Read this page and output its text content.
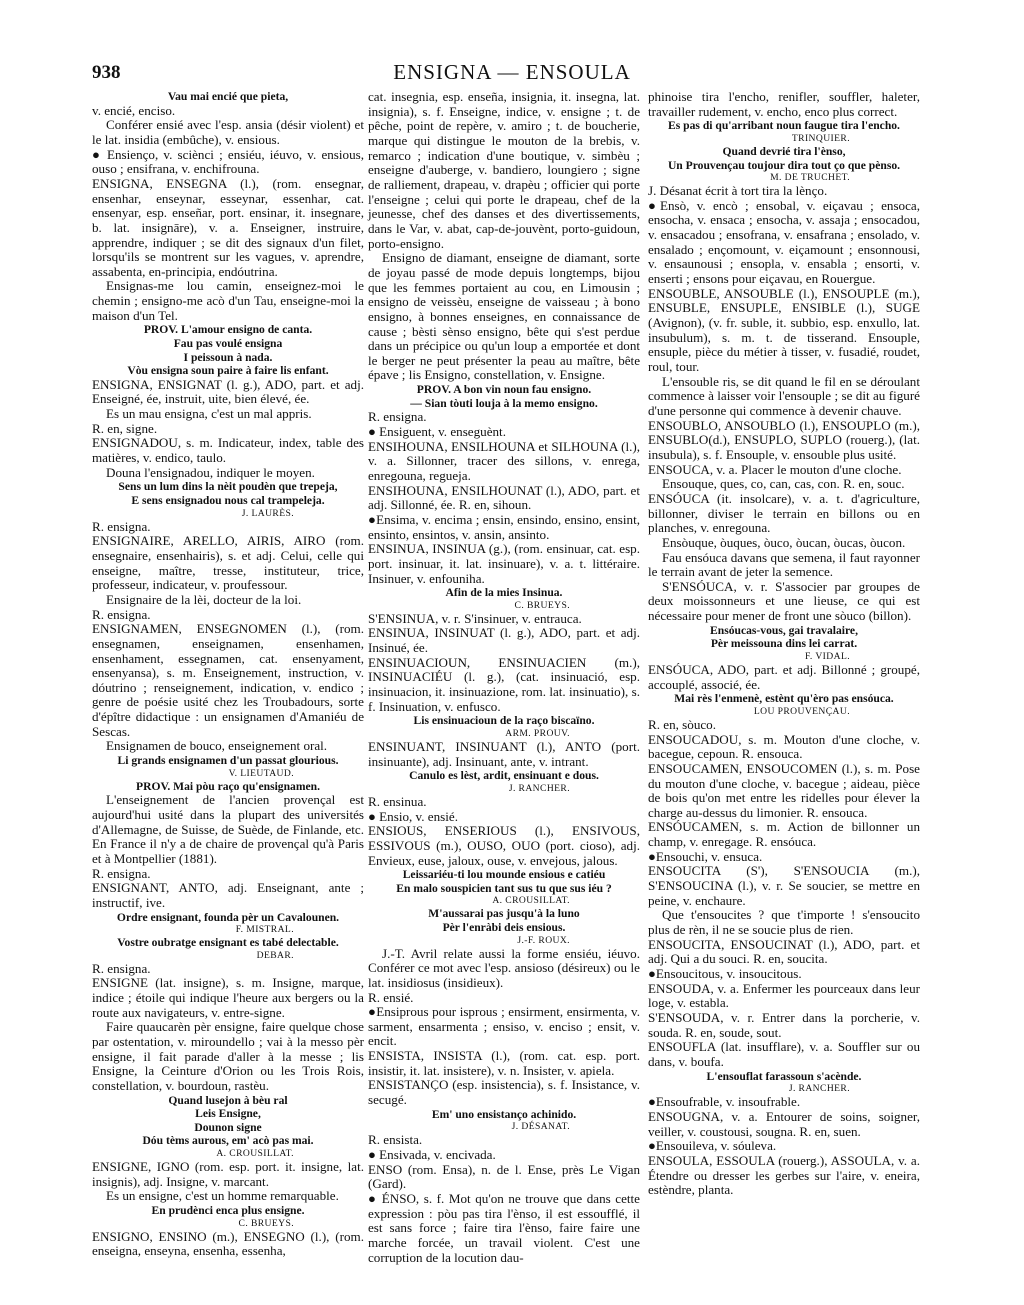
938	ENSIGNA — ENSOULA

Vau mai encié que pieta,

v. encié, enciso.

Conférer ensié avec l'esp. ansia (désir violent) et le lat. insidia (embûche), v. ensious.

● Ensienço, v. sciènci ; ensiéu, iéuvo, v. ensious, ouso ; ensifrana, v. enchifrouna.

ENSIGNA, ENSEGNA (l.), (rom. ensegnar, ensenhar, enseynar, esseynar, essenhar, cat. ensenyar, esp. enseñar, port. ensinar, it. insegnare, b. lat. insignāre), v. a. Enseigner, instruire, apprendre, indiquer ; se dit des signaux d'un filet, lorsqu'ils se montrent sur les vagues, v. aprendre, assabenta, en-principia, endóutrina.

Ensignas-me lou camin, enseignez-moi le chemin ; ensigno-me acò d'un Tau, enseigne-moi la maison d'un Tel.

PROV. L'amour ensigno de canta.

Fau pas voulé ensigna

I peissoun à nada.

Vòu ensigna soun paire à faire lis enfant.

ENSIGNA, ENSIGNAT (l. g.), ADO, part. et adj. Enseigné, ée, instruit, uite, bien élevé, ée.

Es un mau ensigna, c'est un mal appris.

R. en, signe.

ENSIGNADOU, s. m. Indicateur, index, table des matières, v. endico, taulo.

Douna l'ensignadou, indiquer le moyen.

Sens un lum dins la nèit poudèn que trepeja,

E sens ensignadou nous cal trampeleja.

J. LAURÈS.

R. ensigna.

ENSIGNAIRE, ARELLO, AIRIS, AIRO (rom. ensegnaire, ensenhairis), s. et adj. Celui, celle qui enseigne, maître, tresse, instituteur, trice, professeur, indicateur, v. proufessour.

Ensignaire de la lèi, docteur de la loi.

R. ensigna.

ENSIGNAMEN, ENSEGNOMEN (l.), (rom. ensegnamen, enseignamen, ensenhamen, ensenhament, essegnamen, cat. ensenyament, ensenyansa), s. m. Enseignement, instruction, v. dóutrino ; renseignement, indication, v. endico ; genre de poésie usité chez les Troubadours, sorte d'épître didactique : un ensignamen d'Amaniéu de Sescas.

Ensignamen de bouco, enseignement oral.

Li grands ensignamen d'un passat glourious.

V. LIEUTAUD.

PROV. Mai pòu raço qu'ensignamen.

L'enseignement de l'ancien provençal est aujourd'hui usité dans la plupart des universités d'Allemagne, de Suisse, de Suède, de Finlande, etc. En France il n'y a de chaire de provençal qu'à Paris et à Montpellier (1881).

R. ensigna.

ENSIGNANT, ANTO, adj. Enseignant, ante ; instructif, ive.

Ordre ensignant, founda pèr un Cavalounen.

F. MISTRAL.

Vostre oubratge ensignant es tabé delectable.

DEBAR.

R. ensigna.

ENSIGNE (lat. insigne), s. m. Insigne, marque, indice ; étoile qui indique l'heure aux bergers ou la route aux navigateurs, v. entre-signe.

Faire quaucarèn pèr ensigne, faire quelque chose par ostentation, v. miroundello ; vai à la messo pèr ensigne, il fait parade d'aller à la messe ; lis Ensigne, la Ceinture d'Orion ou les Trois Rois, constellation, v. bourdoun, rastèu.

Quand lusejon à bèu ral

Leis Ensigne,

Dounon signe

Dóu tèms aurous, em' acò pas mai.

A. CROUSILLAT.

ENSIGNE, IGNO (rom. esp. port. it. insigne, lat. insignis), adj. Insigne, v. marcant.

Es un ensigne, c'est un homme remarquable.

En prudènci enca plus ensigne.

C. BRUEYS.

ENSIGNO, ENSINO (m.), ENSEGNO (l.), (rom. enseigna, enseyna, ensenha, essenha,

cat. insegnia, esp. enseña, insignia, it. insegna, lat. insignia), s. f. Enseigne, indice, v. ensigne ; t. de pêche, point de repère, v. amiro ; t. de boucherie, marque qui distingue le mouton de la brebis, v. remarco ; indication d'une boutique, v. simbèu ; enseigne d'auberge, v. bandiero, loungiero ; signe de ralliement, drapeau, v. drapèu ; officier qui porte l'enseigne ; celui qui porte le drapeau, chef de la jeunesse, chef des danses et des divertissements, dans le Var, v. abat, cap-de-jouvènt, porto-guidoun, porto-ensigno.

Ensigno de diamant, enseigne de diamant, sorte de joyau passé de mode depuis longtemps, bijou que les femmes portaient au cou, en Limousin ; ensigno de veissèu, enseigne de vaisseau ; à bono ensigno, à bonnes enseignes, en connaissance de cause ; bèsti sènso ensigno, bête qui s'est perdue dans un précipice ou qu'un loup a emportée et dont le berger ne peut présenter la peau au maître, bête épave ; lis Ensigno, constellation, v. Ensigne.

PROV. A bon vin noun fau ensigno.

— Sian tòuti louja à la memo ensigno.

R. ensigna.

● Ensiguent, v. enseguènt.

ENSIHOUNA, ENSILHOUNA et SILHOUNA (l.), v. a. Sillonner, tracer des sillons, v. enrega, enregouna, regueja.

ENSIHOUNA, ENSILHOUNAT (l.), ADO, part. et adj. Sillonné, ée. R. en, sihoun.

●Ensima, v. encima ; ensin, ensindo, ensino, ensint, ensinto, ensintos, v. ansin, ansinto.

ENSINUA, INSINUA (g.), (rom. ensinuar, cat. esp. port. insinuar, it. lat. insinuare), v. a. t. littéraire. Insinuer, v. enfouniha.

Afin de la mies Insinua.

C. BRUEYS.

S'ENSINUA, v. r. S'insinuer, v. entrauca.

ENSINUA, INSINUAT (l. g.), ADO, part. et adj. Insinué, ée.

ENSINUACIOUN, ENSINUACIEN (m.), INSINUACIÉU (l. g.), (cat. insinuació, esp. insinuacion, it. insinuazione, rom. lat. insinuatio), s. f. Insinuation, v. enfusco.

Lis ensinuacioun de la raço biscaïno.

ARM. PROUV.

ENSINUANT, INSINUANT (l.), ANTO (port. insinuante), adj. Insinuant, ante, v. intrant.

Canulo es lèst, ardit, ensinuant e dous.

J. RANCHER.

R. ensinua.

● Ensio, v. ensié.

ENSIOUS, ENSERIOUS (l.), ENSIVOUS, ESSIVOUS (m.), OUSO, OUO (port. cioso), adj. Envieux, euse, jaloux, ouse, v. envejous, jalous.

Leissariéu-ti lou mounde ensious e catiéu

En malo souspicien tant sus tu que sus iéu ?

A. CROUSILLAT.

M'aussarai pas jusqu'à la luno

Pèr l'enràbi deis ensious.

J.-F. ROUX.

J.-T. Avril relate aussi la forme ensiéu, iéuvo. Conférer ce mot avec l'esp. ansioso (désireux) ou le lat. insidiosus (insidieux).

R. ensié.

●Ensiprous pour isprous ; ensirment, ensirmenta, v. sarment, ensarmenta ; ensiso, v. enciso ; ensit, v. encit.

ENSISTA, INSISTA (l.), (rom. cat. esp. port. insistir, it. lat. insistere), v. n. Insister, v. apiela.

ENSISTANÇO (esp. insistencia), s. f. Insistance, v. secugé.

Em' uno ensistanço achinido.

J. DÉSANAT.

R. ensista.

● Ensivada, v. encivada.

ENSO (rom. Ensa), n. de l. Ense, près Le Vigan (Gard).

● ÉNSO, s. f. Mot qu'on ne trouve que dans cette expression : pòu pas tira l'ènso, il est essoufflé, il est sans force ; faire tira l'ènso, faire faire une marche forcée, un travail violent. C'est une corruption de la locution dau-

phinoise tira l'encho, renifler, souffler, haleter, travailler rudement, v. encho, enco plus correct.

Es pas di qu'arribant noun faugue tira l'encho.

TRINQUIER.

Quand devrié tira l'ènso,

Un Prouvençau toujour dira tout ço que pènso.

M. DE TRUCHET.

J. Désanat écrit à tort tira la lènço.

●Ensò, v. encò ; ensobal, v. eiçavau ; ensoca, ensocha, v. ensaca ; ensocha, v. assaja ; ensocadou, v. ensacadou ; ensofrana, v. ensafrana ; ensolado, v. ensalado ; ençomount, v. eiçamount ; ensonnousi, v. ensaunousi ; ensopla, v. ensabla ; ensorti, v. enserti ; ensons pour eiçavau, en Rouergue.

ENSOUBLE, ANSOUBLE (l.), ENSOUPLE (m.), ENSUBLE, ENSUPLE, ENSIBLE (l.), SUGE (Avignon), (v. fr. suble, it. subbio, esp. enxullo, lat. insubulum), s. m. t. de tisserand. Ensouple, ensuple, pièce du métier à tisser, v. fusadié, roudet, roul, tour.

L'ensouble ris, se dit quand le fil en se déroulant commence à laisser voir l'ensouple ; se dit au figuré d'une personne qui commence à devenir chauve.

ENSOUBLO, ANSOUBLO (l.), ENSOUPLO (m.), ENSUBLO(d.), ENSUPLO, SUPLO (rouerg.), (lat. insubula), s. f. Ensouple, v. ensouble plus usité.

ENSOUCA, v. a. Placer le mouton d'une cloche.

Ensouque, ques, co, can, cas, con. R. en, souc.

ENSÓUCA (it. insolcare), v. a. t. d'agriculture, billonner, diviser le terrain en billons ou en planches, v. enregouna.

Ensòuque, òuques, òuco, òucan, òucas, òucon.

Fau ensóuca davans que semena, il faut rayonner le terrain avant de jeter la semence.

S'ENSÓUCA, v. r. S'associer par groupes de deux moissonneurs et une lieuse, ce qui est nécessaire pour mener de front une sòuco (billon).

Ensóucas-vous, gai travalaire,

Pèr meissouna dins lei carrat.

F. VIDAL.

ENSÓUCA, ADO, part. et adj. Billonné ; groupé, accouplé, associé, ée.

Mai rès l'enmenè, estènt qu'èro pas ensóuca.

LOU PROUVENÇAU.

R. en, sòuco.

ENSOUCADOU, s. m. Mouton d'une cloche, v. bacegue, cepoun. R. ensouca.

ENSOUCAMEN, ENSOUCOMEN (l.), s. m. Pose du mouton d'une cloche, v. bacegue ; aideau, pièce de bois qu'on met entre les ridelles pour élever la charge au-dessus du limonier. R. ensouca.

ENSÓUCAMEN, s. m. Action de billonner un champ, v. enregage. R. ensóuca.

●Ensouchi, v. ensuca.

ENSOUCITA (S'), S'ENSOUCIA (m.), S'ENSOUCINA (l.), v. r. Se soucier, se mettre en peine, v. enchaure.

Que t'ensoucites ? que t'importe ! s'ensoucito plus de rèn, il ne se soucie plus de rien.

ENSOUCITA, ENSOUCINAT (l.), ADO, part. et adj. Qui a du souci. R. en, soucita.

●Ensoucitous, v. insoucitous.

ENSOUDA, v. a. Enfermer les pourceaux dans leur loge, v. establa.

S'ENSOUDA, v. r. Entrer dans la porcherie, v. souda. R. en, soude, sout.

ENSOUFLA (lat. insufflare), v. a. Souffler sur ou dans, v. boufa.

L'ensouflat farassoun s'acènde.

J. RANCHER.

●Ensoufrable, v. insoufrable.

ENSOUGNA, v. a. Entourer de soins, soigner, veiller, v. coustousi, sougna. R. en, suen.

●Ensouileva, v. sóuleva.

ENSOULA, ESSOULA (rouerg.), ASSOULA, v. a. Étendre ou dresser les gerbes sur l'aire, v. eneira, estèndre, planta.
